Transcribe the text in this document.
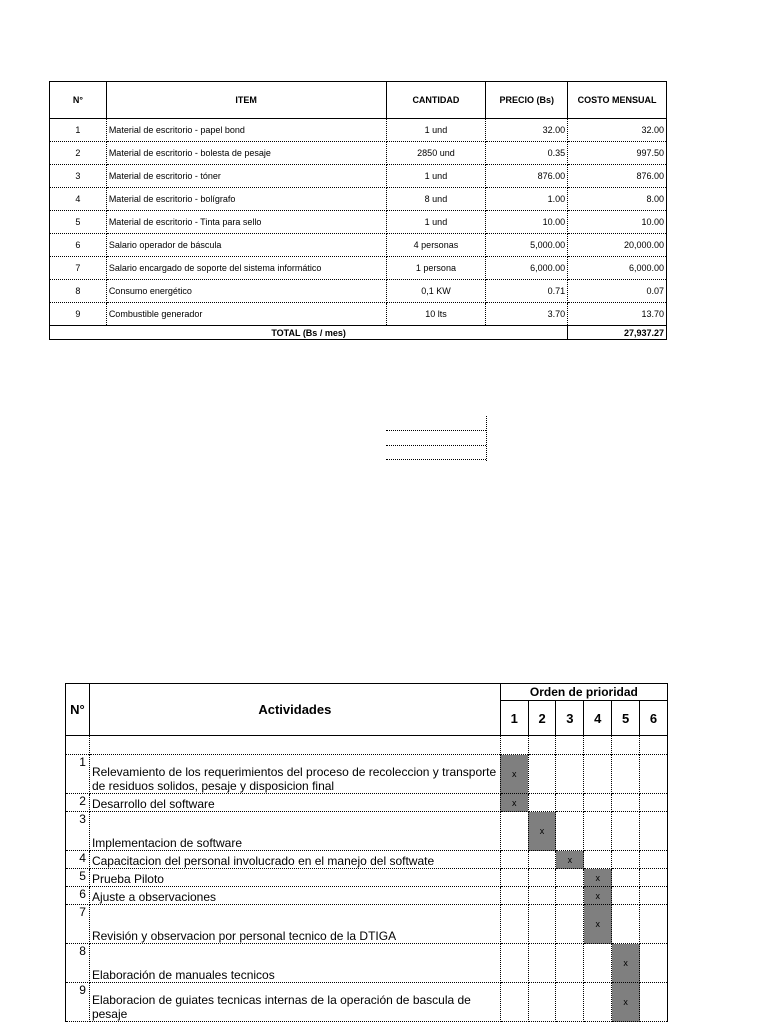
N°	ITEM	CANTIDAD	PRECIO (Bs)	COSTO MENSUAL
1	Material de escritorio - papel bond	1 und	32.00	32.00
2	Material de escritorio - bolesta de pesaje	2850 und	0.35	997.50
3	Material de escritorio - tóner	1 und	876.00	876.00
4	Material de escritorio - bolígrafo	8 und	1.00	8.00
5	Material de escritorio - Tinta para sello	1 und	10.00	10.00
6	Salario operador de báscula	4 personas	5,000.00	20,000.00
7	Salario encargado de soporte del sistema informático	1 persona	6,000.00	6,000.00
8	Consumo energético	0,1 KW	0.71	0.07
9	Combustible generador	10 lts	3.70	13.70
TOTAL (Bs / mes)				27,937.27
N°	Actividades	Orden de prioridad					
		1	2	3	4	5	6

1	Relevamiento de los requerimientos del proceso de recoleccion y transporte de residuos solidos, pesaje y disposicion final	x					
2	Desarrollo del software	x					
3	Implementacion de software		x				
4	Capacitacion del personal involucrado en el manejo del softwate			x			
5	Prueba Piloto				x		
6	Ajuste a observaciones				x		
7	Revisión y observacion por personal tecnico de la DTIGA				x		
8	Elaboración de manuales tecnicos					x	
9	Elaboracion de guiates tecnicas internas de la operación de bascula de pesaje					x	
